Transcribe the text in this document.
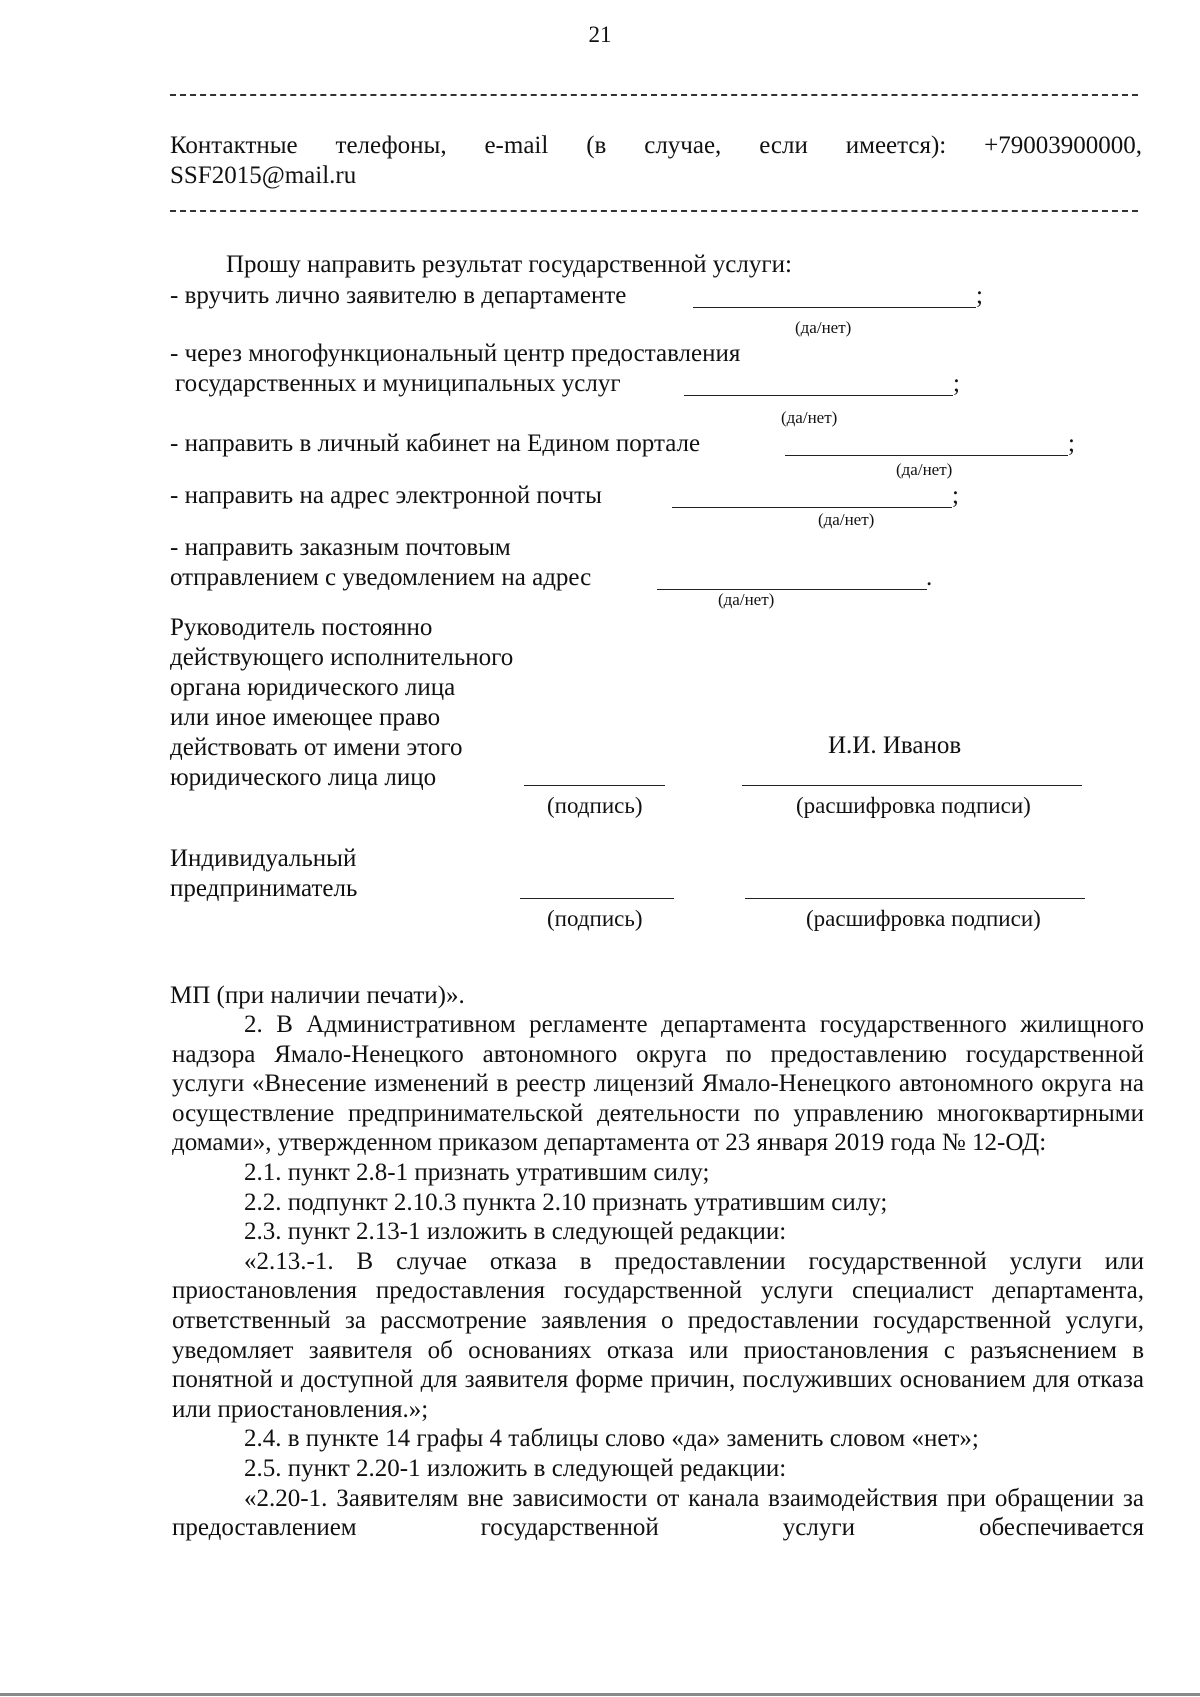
21
Контактные телефоны, e-mail (в случае, если имеется): +79003900000,
SSF2015@mail.ru
Прошу направить результат государственной услуги:
- вручить лично заявителю в департаменте	;
(да/нет)
- через многофункциональный центр предоставления
государственных и муниципальных услуг	;
(да/нет)
- направить в личный кабинет на Едином портале	;
(да/нет)
- направить на адрес электронной почты	;
(да/нет)
- направить заказным почтовым
отправлением с уведомлением на адрес	.
(да/нет)
Руководитель постоянно
действующего исполнительного
органа юридического лица
или иное имеющее право
действовать от имени этого
юридического лица лицо
И.И. Иванов
(подпись)	(расшифровка подписи)
Индивидуальный
предприниматель
(подпись)	(расшифровка подписи)
МП (при наличии печати)».

2. В Административном регламенте департамента государственного жилищного надзора Ямало-Ненецкого автономного округа по предоставлению государственной услуги «Внесение изменений в реестр лицензий Ямало-Ненецкого автономного округа на осуществление предпринимательской деятельности по управлению многоквартирными домами», утвержденном приказом департамента от 23 января 2019 года № 12-ОД:

2.1. пункт 2.8-1 признать утратившим силу;

2.2. подпункт 2.10.3 пункта 2.10 признать утратившим силу;

2.3. пункт 2.13-1 изложить в следующей редакции:

«2.13.-1. В случае отказа в предоставлении государственной услуги или приостановления предоставления государственной услуги специалист департамента, ответственный за рассмотрение заявления о предоставлении государственной услуги, уведомляет заявителя об основаниях отказа или приостановления с разъяснением в понятной и доступной для заявителя форме причин, послуживших основанием для отказа или приостановления.»;

2.4. в пункте 14 графы 4 таблицы слово «да» заменить словом «нет»;

2.5. пункт 2.20-1 изложить в следующей редакции:

«2.20-1. Заявителям вне зависимости от канала взаимодействия при обращении за предоставлением государственной услуги обеспечивается
